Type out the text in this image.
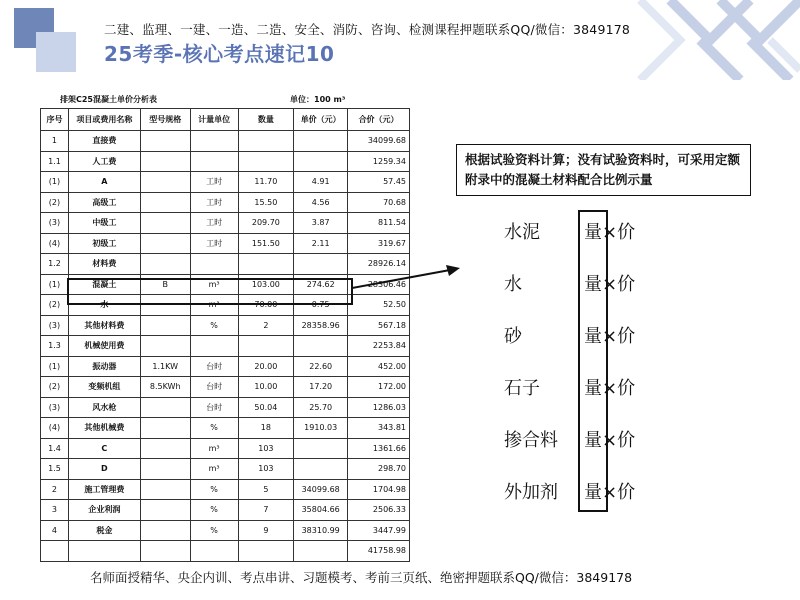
二建、监理、一建、一造、二造、安全、消防、咨询、检测课程押题联系QQ/微信：3849178
25考季-核心考点速记10
排架C25混凝土单价分析表	单位：100 m³
序号	项目或费用名称	型号规格	计量单位	数量	单价（元）	合价（元）
1	直接费					34099.68
1.1	人工费					1259.34
(1)	A		工时	11.70	4.91	57.45
(2)	高级工		工时	15.50	4.56	70.68
(3)	中级工		工时	209.70	3.87	811.54
(4)	初级工		工时	151.50	2.11	319.67
1.2	材料费					28926.14
(1)	混凝土	B	m³	103.00	274.62	28306.46
(2)	水		m³	70.00	0.75	52.50
(3)	其他材料费		%	2	28358.96	567.18
1.3	机械使用费					2253.84
(1)	振动器	1.1KW	台时	20.00	22.60	452.00
(2)	变频机组	8.5KWh	台时	10.00	17.20	172.00
(3)	风水枪		台时	50.04	25.70	1286.03
(4)	其他机械费		%	18	1910.03	343.81
1.4	C		m³	103		1361.66
1.5	D		m³	103		298.70
2	施工管理费		%	5	34099.68	1704.98
3	企业利润		%	7	35804.66	2506.33
4	税金		%	9	38310.99	3447.99
						41758.98
根据试验资料计算；没有试验资料时，可采用定额附录中的混凝土材料配合比例示量
水泥 量×价
水	量×价
砂	量×价
石子 量×价
掺合料 量×价
外加剂 量×价
名师面授精华、央企内训、考点串讲、习题模考、考前三页纸、绝密押题联系QQ/微信：3849178
